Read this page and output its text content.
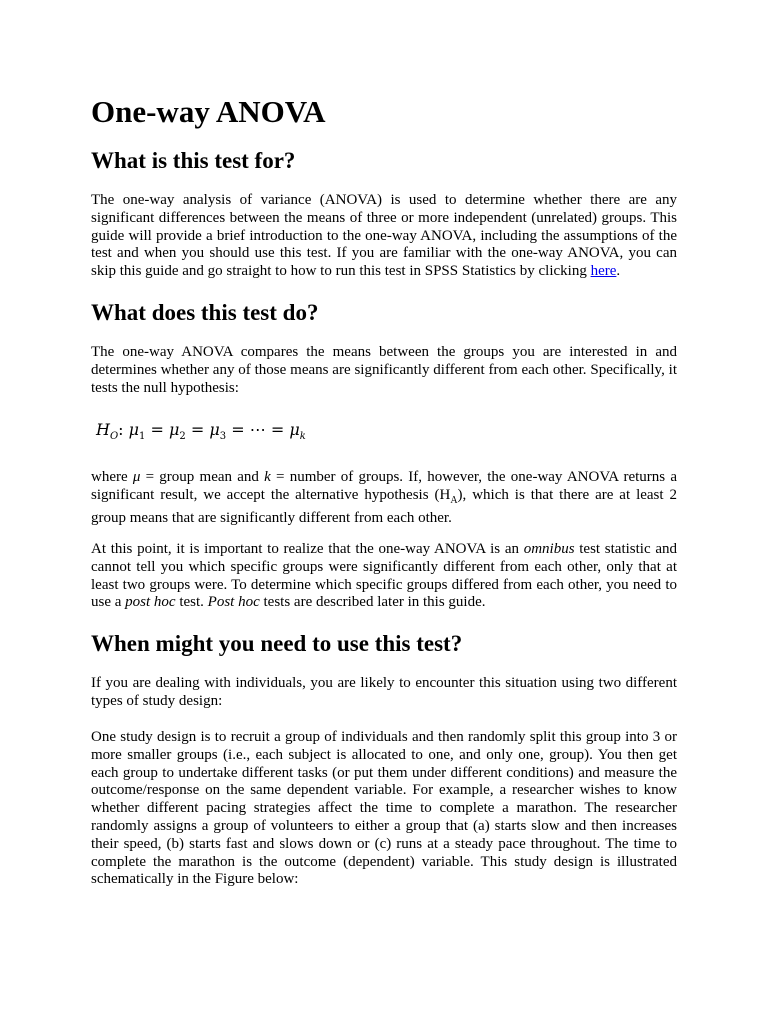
One-way ANOVA
What is this test for?

The one-way analysis of variance (ANOVA) is used to determine whether there are any significant differences between the means of three or more independent (unrelated) groups. This guide will provide a brief introduction to the one-way ANOVA, including the assumptions of the test and when you should use this test. If you are familiar with the one-way ANOVA, you can skip this guide and go straight to how to run this test in SPSS Statistics by clicking here.

What does this test do?

The one-way ANOVA compares the means between the groups you are interested in and determines whether any of those means are significantly different from each other. Specifically, it tests the null hypothesis:

$H_O$: $\mu_1 = \mu_2 = \mu_3$ = ⋯ = $\mu_k$

where μ = group mean and k = number of groups. If, however, the one-way ANOVA returns a significant result, we accept the alternative hypothesis $(H_A)$, which is that there are at least 2 group means that are significantly different from each other.

At this point, it is important to realize that the one-way ANOVA is an omnibus test statistic and cannot tell you which specific groups were significantly different from each other, only that at least two groups were. To determine which specific groups differed from each other, you need to use a post hoc test. Post hoc tests are described later in this guide.

When might you need to use this test?

If you are dealing with individuals, you are likely to encounter this situation using two different types of study design:

One study design is to recruit a group of individuals and then randomly split this group into 3 or more smaller groups (i.e., each subject is allocated to one, and only one, group). You then get each group to undertake different tasks (or put them under different conditions) and measure the outcome/response on the same dependent variable. For example, a researcher wishes to know whether different pacing strategies affect the time to complete a marathon. The researcher randomly assigns a group of volunteers to either a group that (a) starts slow and then increases their speed, (b) starts fast and slows down or (c) runs at a steady pace throughout. The time to complete the marathon is the outcome (dependent) variable. This study design is illustrated schematically in the Figure below:
